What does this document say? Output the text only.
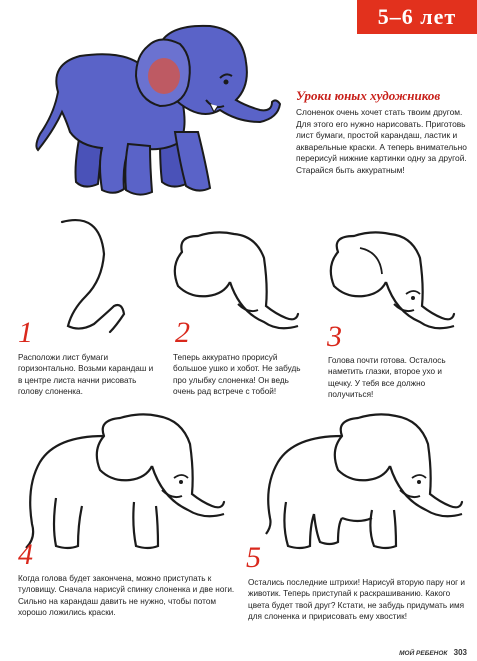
5–6 лет
Уроки юных художников
Слоненок очень хочет стать твоим другом. Для этого его нужно нарисовать. Приготовь лист бумаги, простой карандаш, ластик и акварельные краски. А теперь внимательно перерисуй нижние картинки одну за другой. Старайся быть аккуратным!
1
Расположи лист бумаги горизонтально. Возьми карандаш и в центре листа начни рисовать голову слоненка.
2
Теперь аккуратно прорисуй большое ушко и хобот. Не забудь про улыбку слоненка! Он ведь очень рад встрече с тобой!
3
Голова почти готова. Осталось наметить глазки, второе ухо и щечку. У тебя все должно получиться!
4
Когда голова будет закончена, можно приступать к туловищу. Сначала нарисуй спинку слоненка и две ноги. Сильно на карандаш давить не нужно, чтобы потом хорошо ложились краски.
5
Остались последние штрихи! Нарисуй вторую пару ног и животик. Теперь приступай к раскрашиванию. Какого цвета будет твой друг? Кстати, не забудь придумать имя для слоненка и пририсовать ему хвостик!
МОЙ РЕБЕНОК 303
